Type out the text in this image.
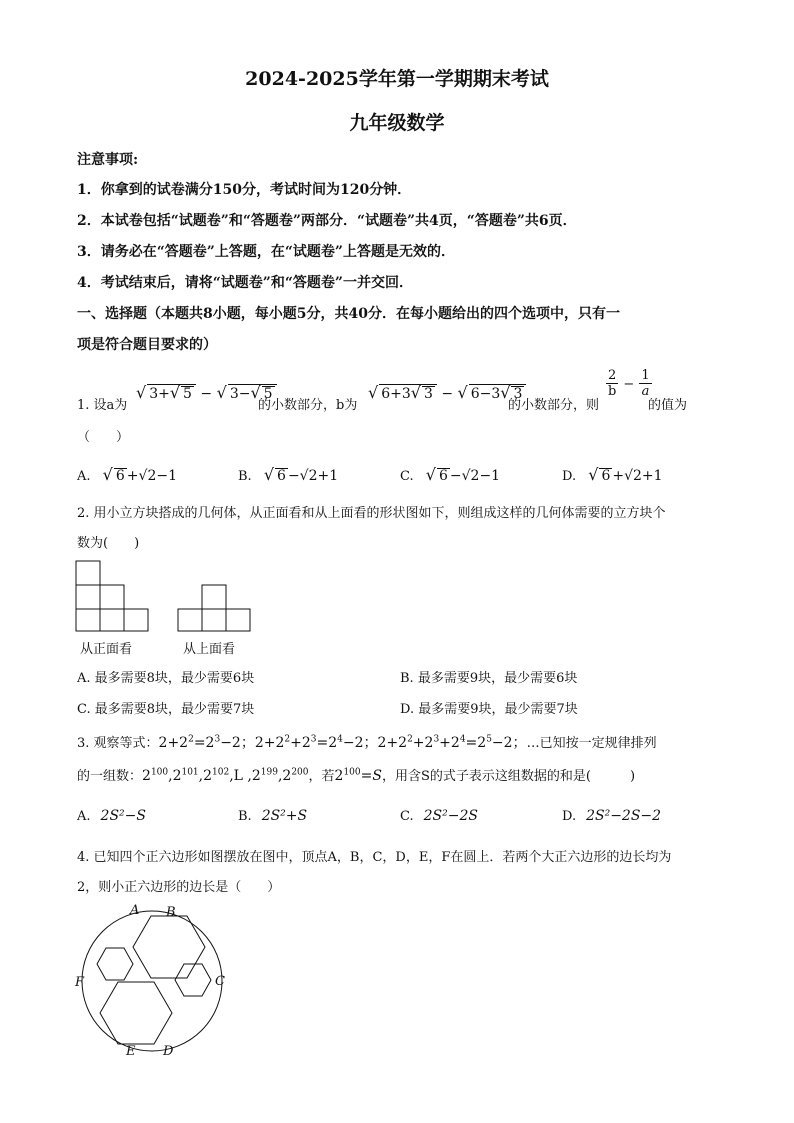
2024-2025学年第一学期期末考试
九年级数学
注意事项:
1．你拿到的试卷满分150分，考试时间为120分钟．
2．本试卷包括“试题卷”和“答题卷”两部分．“试题卷”共4页，“答题卷”共6页．
3．请务必在“答题卷”上答题，在“试题卷”上答题是无效的．
4．考试结束后，请将“试题卷”和“答题卷”一并交回．
一、选择题（本题共8小题，每小题5分，共40分．在每小题给出的四个选项中，只有一
项是符合题目要求的）
1. 设a为
√ 3+√ 5 − √ 3−√ 5
的小数部分，b为
√ 6+3√ 3 − √ 6−3√ 3
的小数部分，则
$\frac{2}{b} - \frac{1}{a}$
的值为
（　　）
A. √ 6 +√2−1	B. √ 6 −√2+1	C. √ 6 −√2−1	D. √ 6 +√2+1
2. 用小立方块搭成的几何体，从正面看和从上面看的形状图如下，则组成这样的几何体需要的立方块个
数为(　　)
从正面看	从上面看
A. 最多需要8块，最少需要6块	B. 最多需要9块，最少需要6块
C. 最多需要8块，最少需要7块	D. 最多需要9块，最少需要7块
3. 观察等式：$2+2^2=2^3-2$；$2+2^2+2^3=2^4-2$；$2+2^2+2^3+2^4=2^5-2$；…已知按一定规律排列
的一组数：$2^{100},2^{101},2^{102},L$ $,2^{199},2^{200}$，若$2^{100}=S$，用含S的式子表示这组数据的和是(　　　)
A. 2S²−S	B. 2S²+S	C. 2S²−2S	D. 2S²−2S−2
4. 已知四个正六边形如图摆放在图中，顶点A，B，C，D，E，F在圆上．若两个大正六边形的边长均为
2，则小正六边形的边长是（　　）
A B
C
D
E
F
